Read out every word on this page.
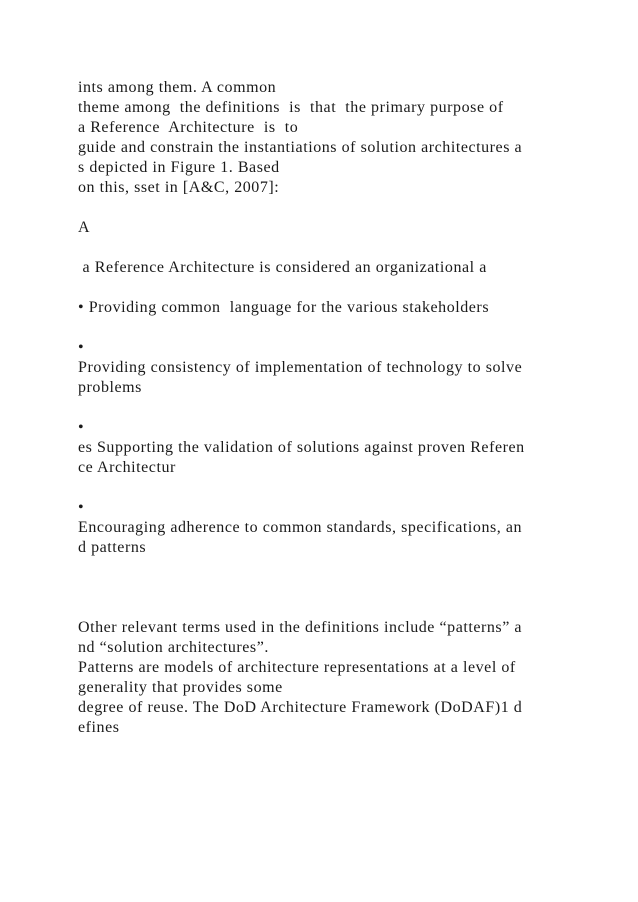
ints among them. A common

theme among  the definitions  is  that  the primary purpose of

a Reference  Architecture  is  to

guide and constrain the instantiations of solution architectures a

s depicted in Figure 1. Based

on this, sset in [A&C, 2007]:

A

a Reference Architecture is considered an organizational a

• Providing common  language for the various stakeholders

•

Providing consistency of implementation of technology to solve

problems

•

es Supporting the validation of solutions against proven Referen

ce Architectur

•

Encouraging adherence to common standards, specifications, an

d patterns

Other relevant terms used in the definitions include “patterns” a

nd “solution architectures”.

Patterns are models of architecture representations at a level of

generality that provides some

degree of reuse. The DoD Architecture Framework (DoDAF)1 d

efines
